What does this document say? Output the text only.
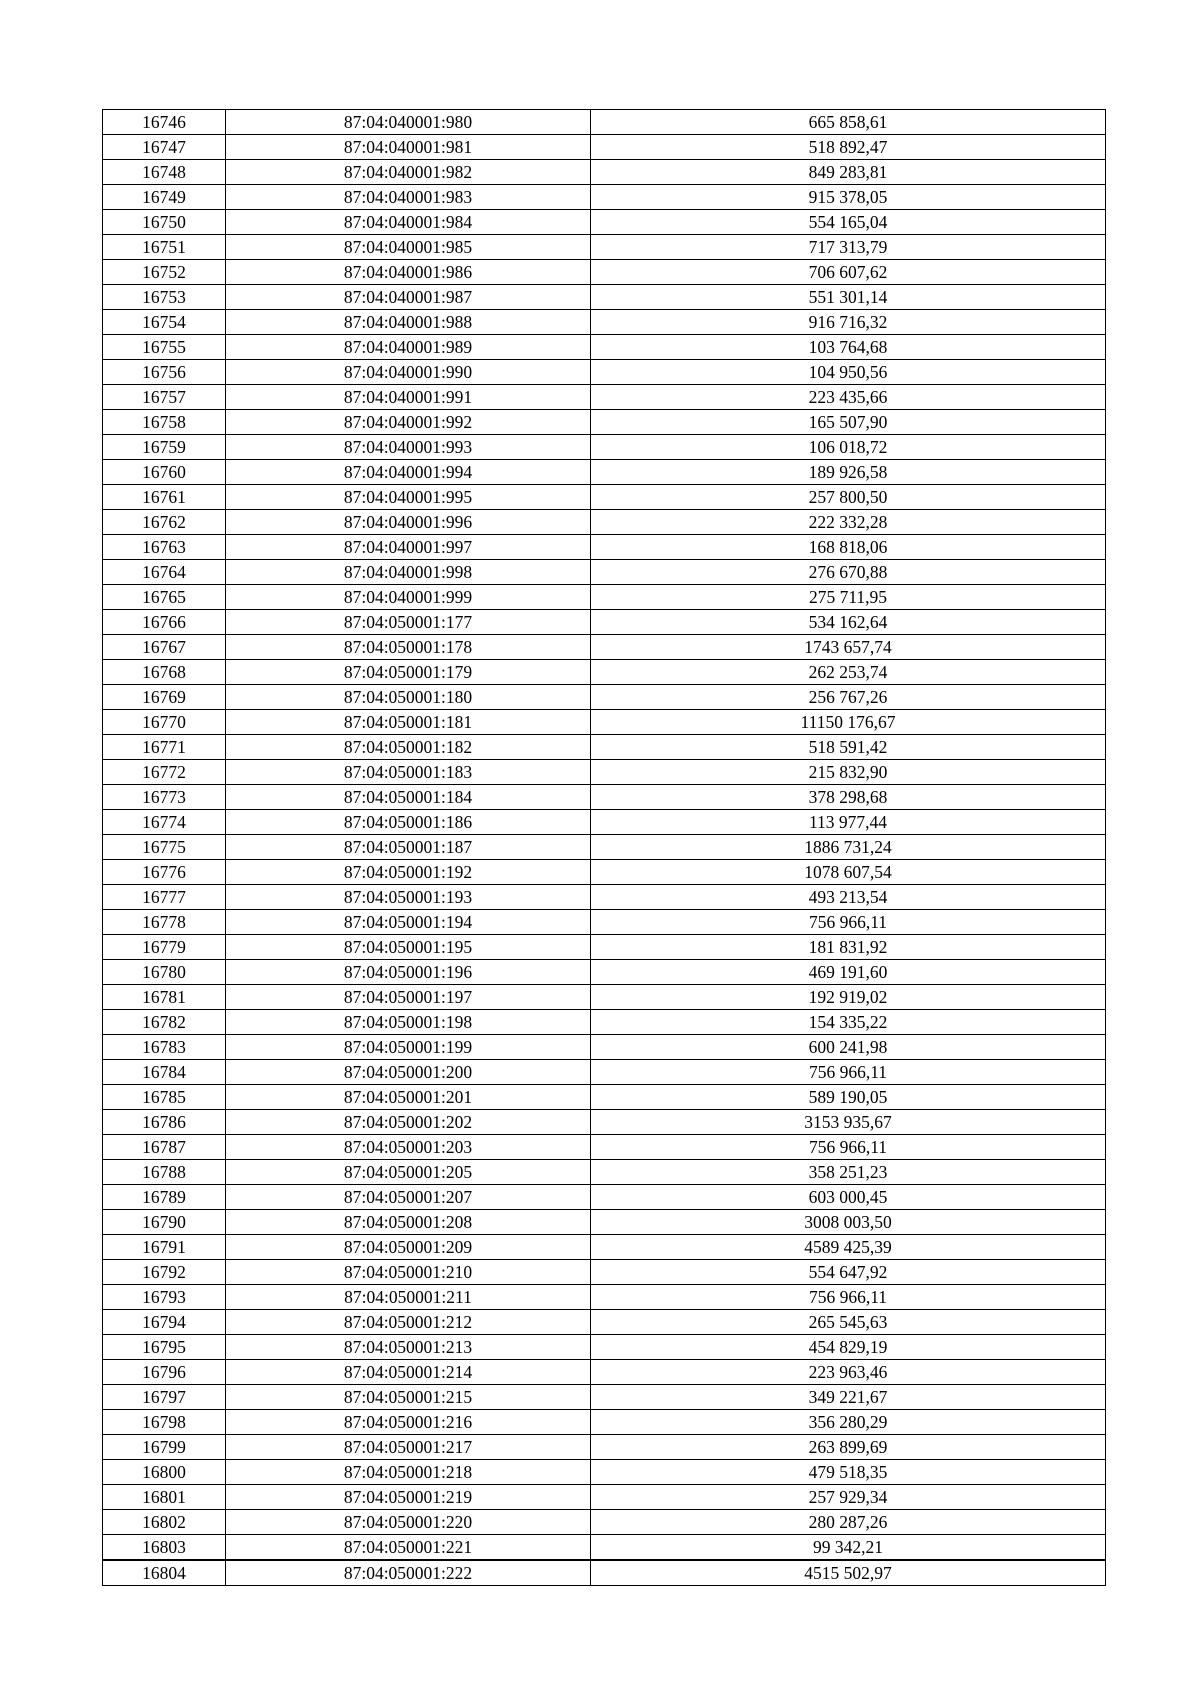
16746	87:04:040001:980	665 858,61
16747	87:04:040001:981	518 892,47
16748	87:04:040001:982	849 283,81
16749	87:04:040001:983	915 378,05
16750	87:04:040001:984	554 165,04
16751	87:04:040001:985	717 313,79
16752	87:04:040001:986	706 607,62
16753	87:04:040001:987	551 301,14
16754	87:04:040001:988	916 716,32
16755	87:04:040001:989	103 764,68
16756	87:04:040001:990	104 950,56
16757	87:04:040001:991	223 435,66
16758	87:04:040001:992	165 507,90
16759	87:04:040001:993	106 018,72
16760	87:04:040001:994	189 926,58
16761	87:04:040001:995	257 800,50
16762	87:04:040001:996	222 332,28
16763	87:04:040001:997	168 818,06
16764	87:04:040001:998	276 670,88
16765	87:04:040001:999	275 711,95
16766	87:04:050001:177	534 162,64
16767	87:04:050001:178	1743 657,74
16768	87:04:050001:179	262 253,74
16769	87:04:050001:180	256 767,26
16770	87:04:050001:181	11150 176,67
16771	87:04:050001:182	518 591,42
16772	87:04:050001:183	215 832,90
16773	87:04:050001:184	378 298,68
16774	87:04:050001:186	113 977,44
16775	87:04:050001:187	1886 731,24
16776	87:04:050001:192	1078 607,54
16777	87:04:050001:193	493 213,54
16778	87:04:050001:194	756 966,11
16779	87:04:050001:195	181 831,92
16780	87:04:050001:196	469 191,60
16781	87:04:050001:197	192 919,02
16782	87:04:050001:198	154 335,22
16783	87:04:050001:199	600 241,98
16784	87:04:050001:200	756 966,11
16785	87:04:050001:201	589 190,05
16786	87:04:050001:202	3153 935,67
16787	87:04:050001:203	756 966,11
16788	87:04:050001:205	358 251,23
16789	87:04:050001:207	603 000,45
16790	87:04:050001:208	3008 003,50
16791	87:04:050001:209	4589 425,39
16792	87:04:050001:210	554 647,92
16793	87:04:050001:211	756 966,11
16794	87:04:050001:212	265 545,63
16795	87:04:050001:213	454 829,19
16796	87:04:050001:214	223 963,46
16797	87:04:050001:215	349 221,67
16798	87:04:050001:216	356 280,29
16799	87:04:050001:217	263 899,69
16800	87:04:050001:218	479 518,35
16801	87:04:050001:219	257 929,34
16802	87:04:050001:220	280 287,26
16803	87:04:050001:221	99 342,21
16804	87:04:050001:222	4515 502,97
